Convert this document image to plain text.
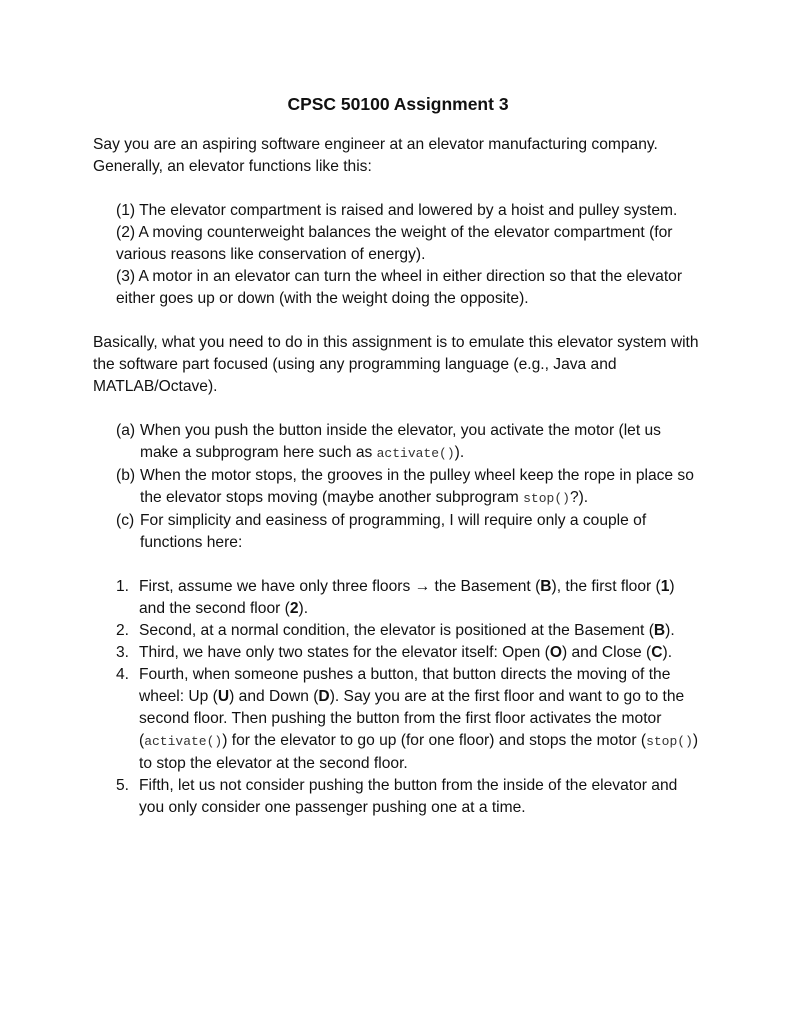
CPSC 50100 Assignment 3

Say you are an aspiring software engineer at an elevator manufacturing company. Generally, an elevator functions like this:

(1) The elevator compartment is raised and lowered by a hoist and pulley system.

(2) A moving counterweight balances the weight of the elevator compartment (for various reasons like conservation of energy).

(3) A motor in an elevator can turn the wheel in either direction so that the elevator either goes up or down (with the weight doing the opposite).

Basically, what you need to do in this assignment is to emulate this elevator system with the software part focused (using any programming language (e.g., Java and MATLAB/Octave).

(a) When you push the button inside the elevator, you activate the motor (let us make a subprogram here such as activate()).
(b) When the motor stops, the grooves in the pulley wheel keep the rope in place so the elevator stops moving (maybe another subprogram stop()?).
(c) For simplicity and easiness of programming, I will require only a couple of functions here:
1. First, assume we have only three floors → the Basement (B), the first floor (1) and the second floor (2).
2. Second, at a normal condition, the elevator is positioned at the Basement (B).
3. Third, we have only two states for the elevator itself: Open (O) and Close (C).
4. Fourth, when someone pushes a button, that button directs the moving of the wheel: Up (U) and Down (D). Say you are at the first floor and want to go to the second floor. Then pushing the button from the first floor activates the motor (activate()) for the elevator to go up (for one floor) and stops the motor (stop()) to stop the elevator at the second floor.
5. Fifth, let us not consider pushing the button from the inside of the elevator and you only consider one passenger pushing one at a time.
